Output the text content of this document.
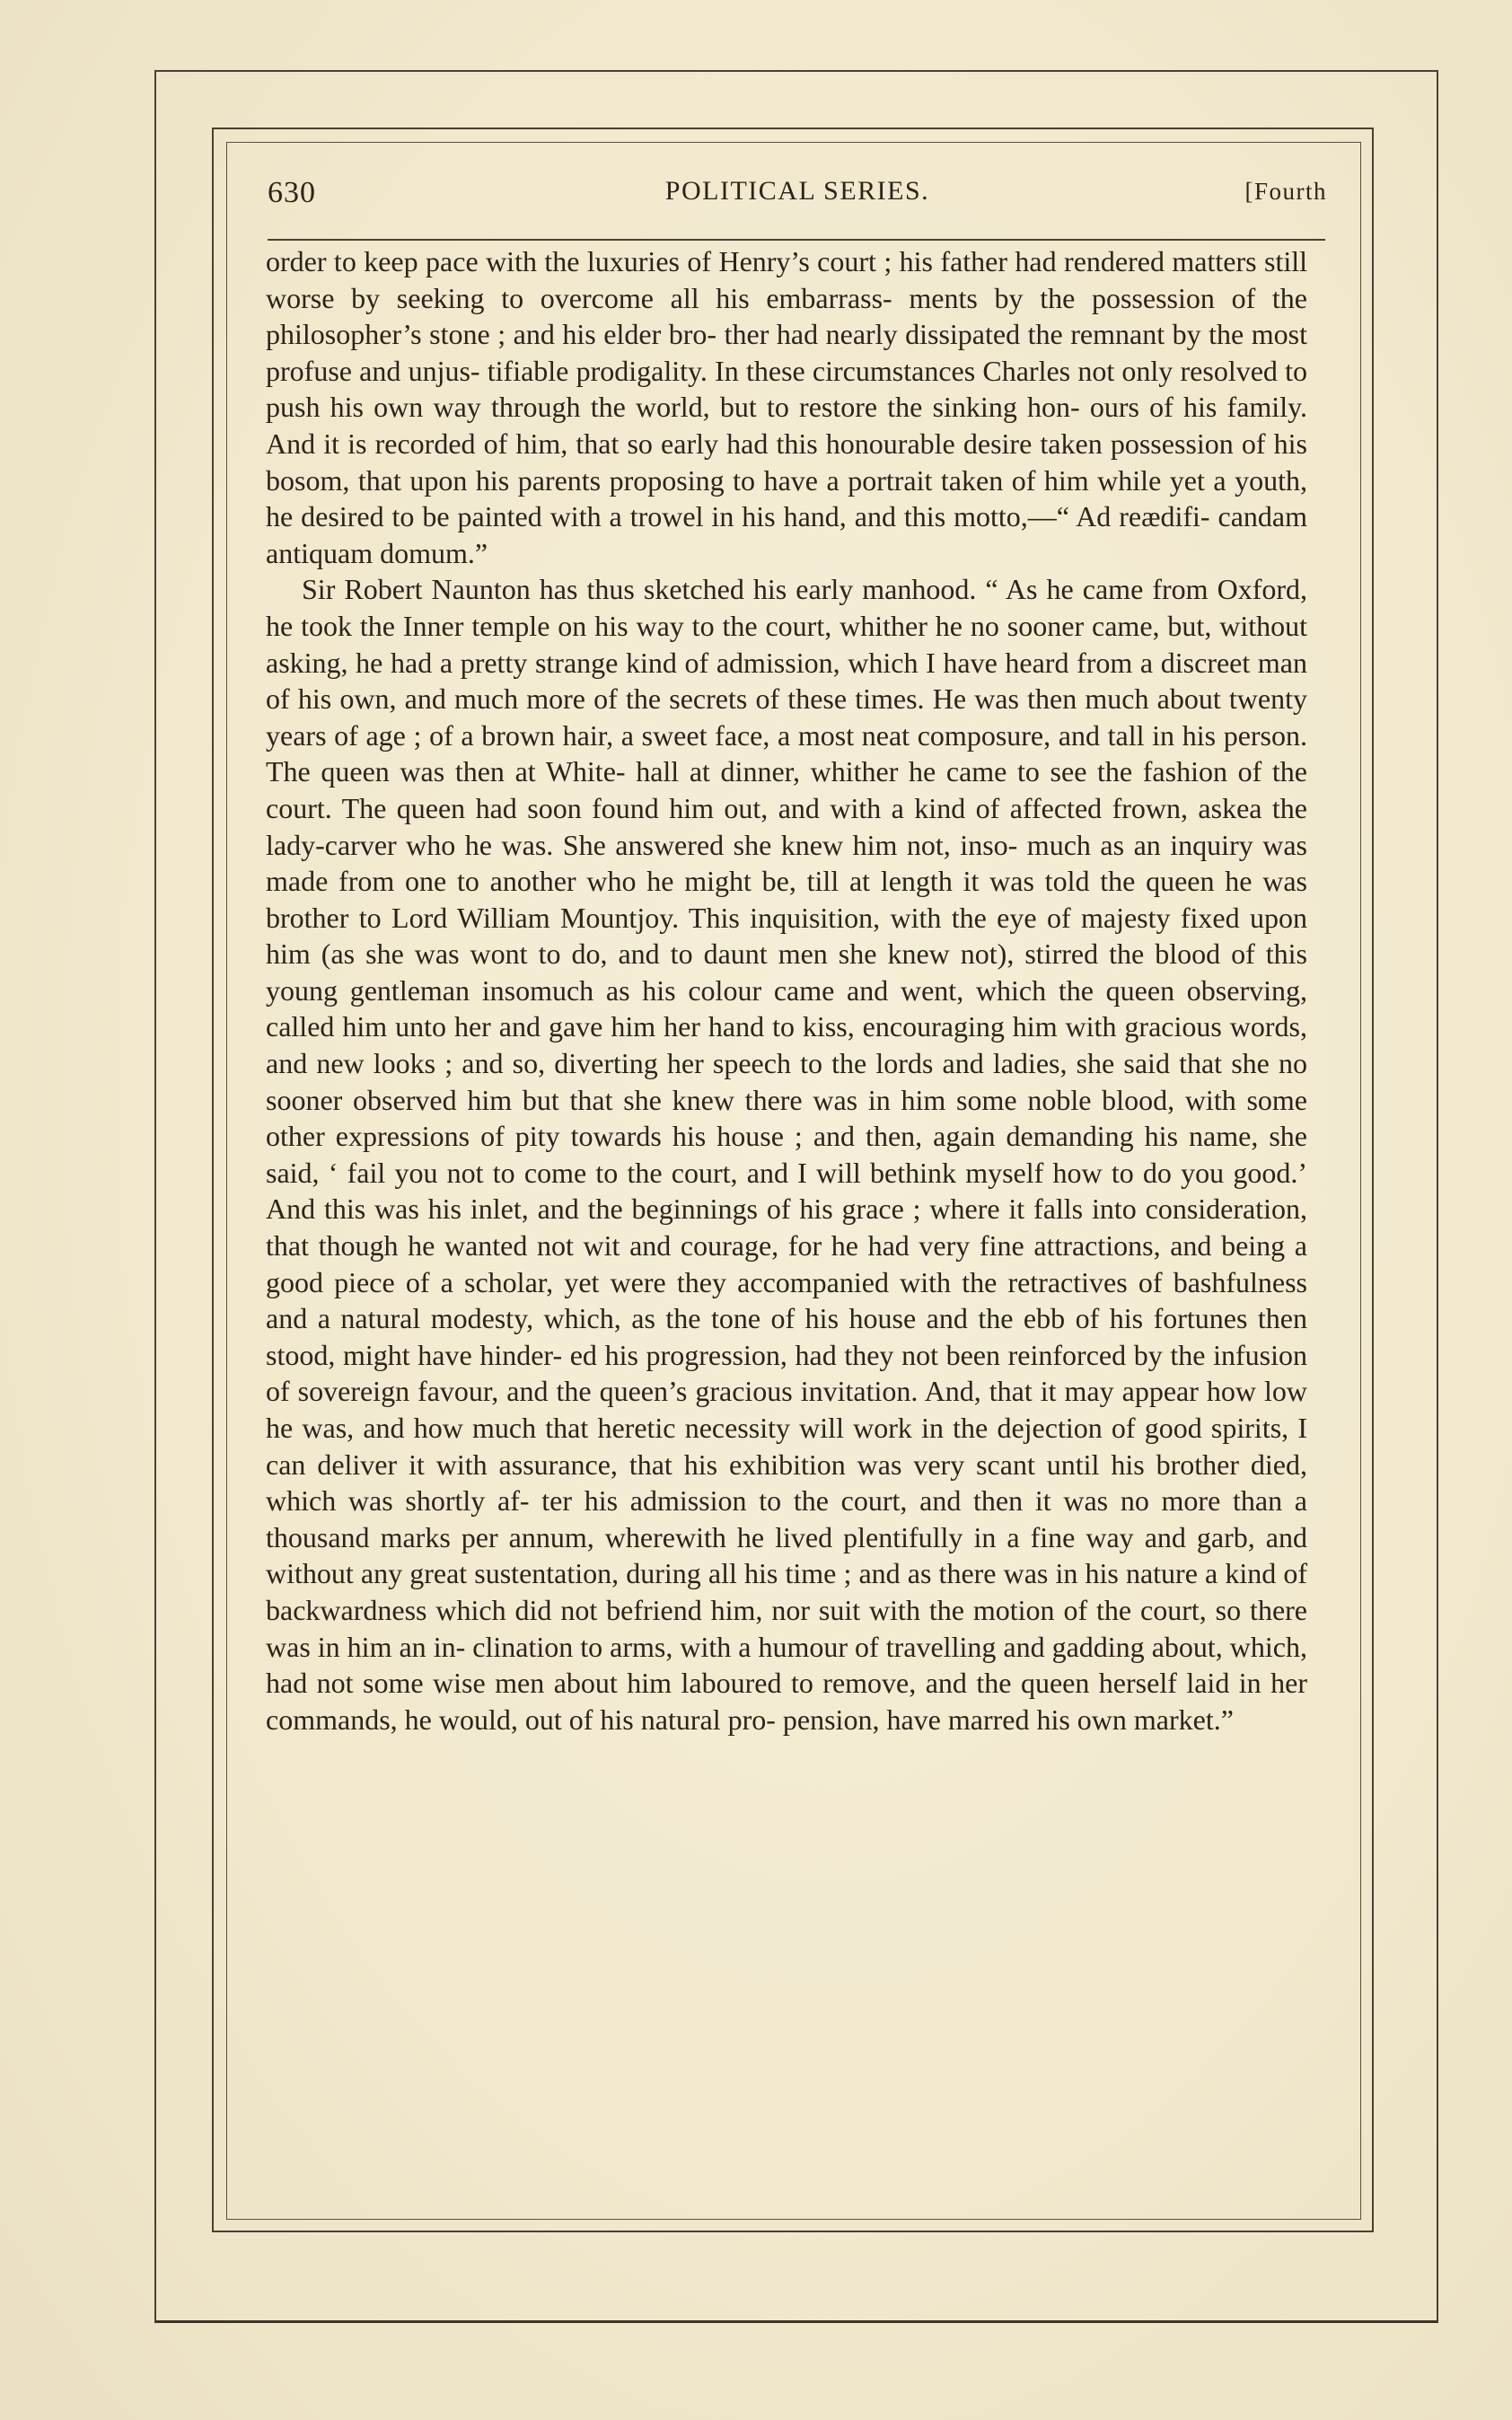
630	POLITICAL SERIES.	[Fourth

order to keep pace with the luxuries of Henry’s court ; his father had rendered matters still worse by seeking to overcome all his embarrass- ments by the possession of the philosopher’s stone ; and his elder bro- ther had nearly dissipated the remnant by the most profuse and unjus- tifiable prodigality. In these circumstances Charles not only resolved to push his own way through the world, but to restore the sinking hon- ours of his family. And it is recorded of him, that so early had this honourable desire taken possession of his bosom, that upon his parents proposing to have a portrait taken of him while yet a youth, he desired to be painted with a trowel in his hand, and this motto,—“ Ad reædifi- candam antiquam domum.”

Sir Robert Naunton has thus sketched his early manhood. “ As he came from Oxford, he took the Inner temple on his way to the court, whither he no sooner came, but, without asking, he had a pretty strange kind of admission, which I have heard from a discreet man of his own, and much more of the secrets of these times. He was then much about twenty years of age ; of a brown hair, a sweet face, a most neat composure, and tall in his person. The queen was then at White- hall at dinner, whither he came to see the fashion of the court. The queen had soon found him out, and with a kind of affected frown, askea the lady-carver who he was. She answered she knew him not, inso- much as an inquiry was made from one to another who he might be, till at length it was told the queen he was brother to Lord William Mountjoy. This inquisition, with the eye of majesty fixed upon him (as she was wont to do, and to daunt men she knew not), stirred the blood of this young gentleman insomuch as his colour came and went, which the queen observing, called him unto her and gave him her hand to kiss, encouraging him with gracious words, and new looks ; and so, diverting her speech to the lords and ladies, she said that she no sooner observed him but that she knew there was in him some noble blood, with some other expressions of pity towards his house ; and then, again demanding his name, she said, ‘ fail you not to come to the court, and I will bethink myself how to do you good.’ And this was his inlet, and the beginnings of his grace ; where it falls into consideration, that though he wanted not wit and courage, for he had very fine attractions, and being a good piece of a scholar, yet were they accompanied with the retractives of bashfulness and a natural modesty, which, as the tone of his house and the ebb of his fortunes then stood, might have hinder- ed his progression, had they not been reinforced by the infusion of sovereign favour, and the queen’s gracious invitation. And, that it may appear how low he was, and how much that heretic necessity will work in the dejection of good spirits, I can deliver it with assurance, that his exhibition was very scant until his brother died, which was shortly af- ter his admission to the court, and then it was no more than a thousand marks per annum, wherewith he lived plentifully in a fine way and garb, and without any great sustentation, during all his time ; and as there was in his nature a kind of backwardness which did not befriend him, nor suit with the motion of the court, so there was in him an in- clination to arms, with a humour of travelling and gadding about, which, had not some wise men about him laboured to remove, and the queen herself laid in her commands, he would, out of his natural pro- pension, have marred his own market.”
